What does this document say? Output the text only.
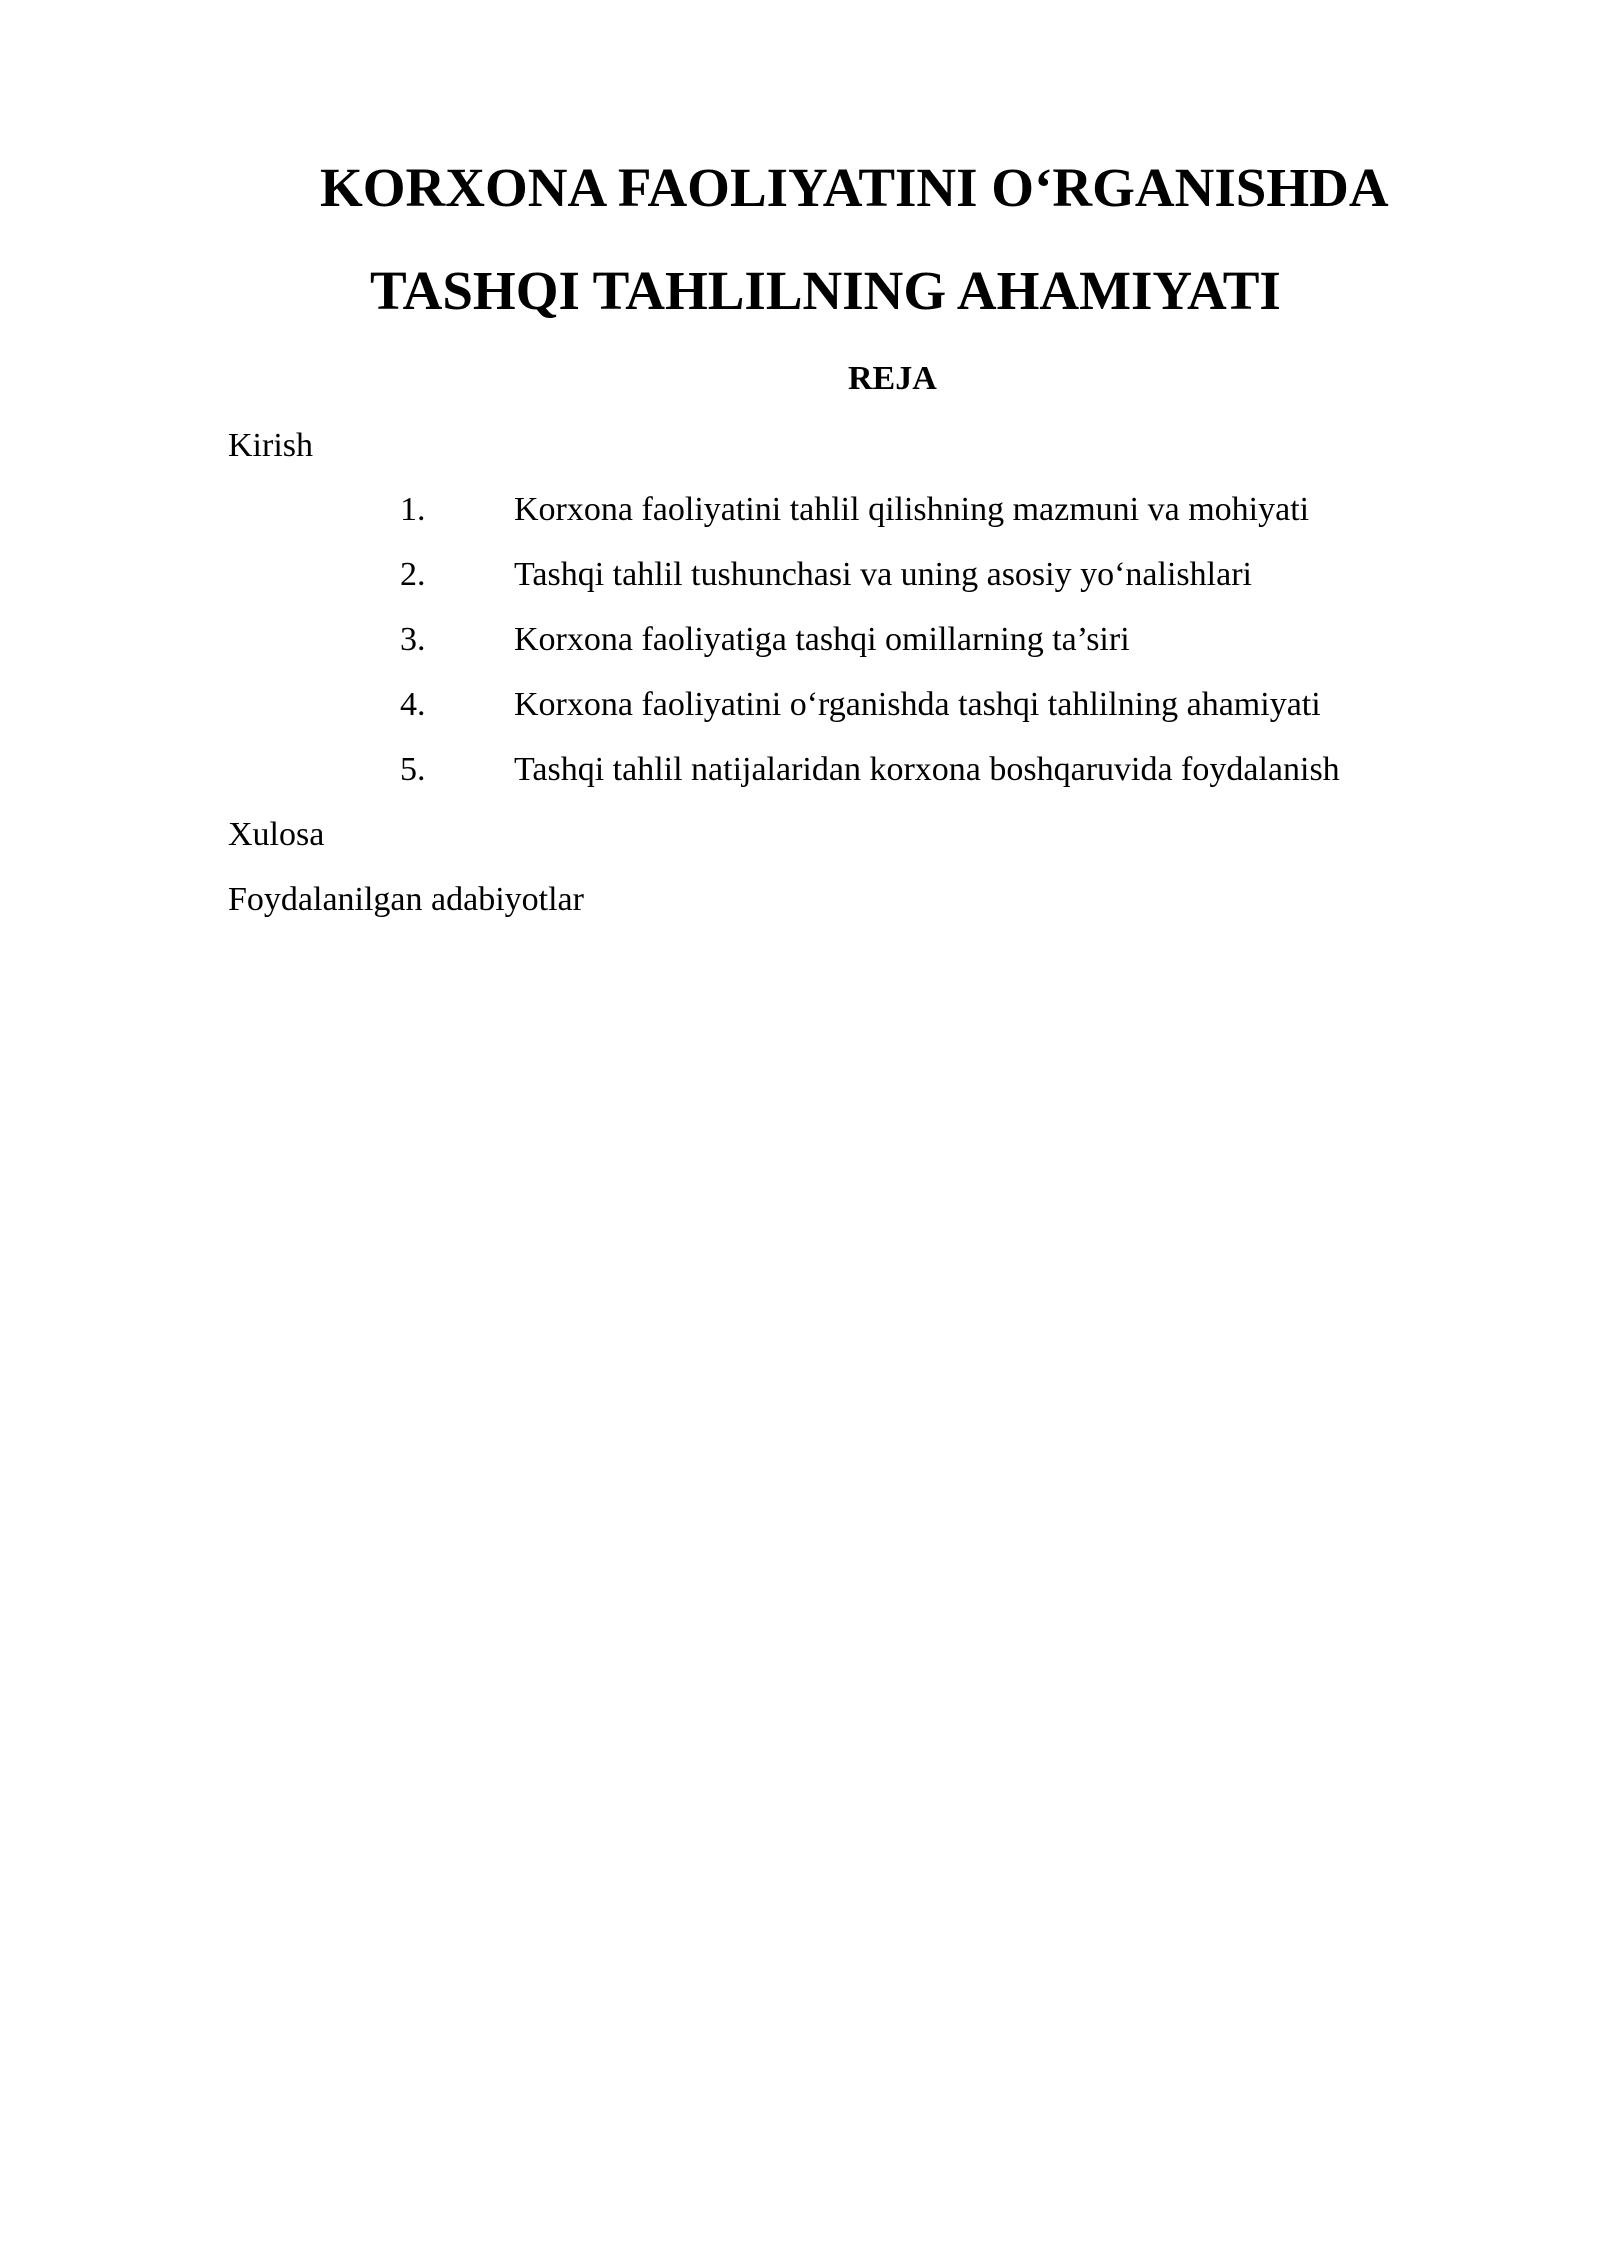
KORXONA FAOLIYATINI O‘RGANISHDA
TASHQI TAHLILNING AHAMIYATI
REJA
Kirish
1.	Korxona faoliyatini tahlil qilishning mazmuni va mohiyati
2.	Tashqi tahlil tushunchasi va uning asosiy yo‘nalishlari
3.	Korxona faoliyatiga tashqi omillarning ta’siri
4.	Korxona faoliyatini o‘rganishda tashqi tahlilning ahamiyati
5.	Tashqi tahlil natijalaridan korxona boshqaruvida foydalanish
Xulosa
Foydalanilgan adabiyotlar
